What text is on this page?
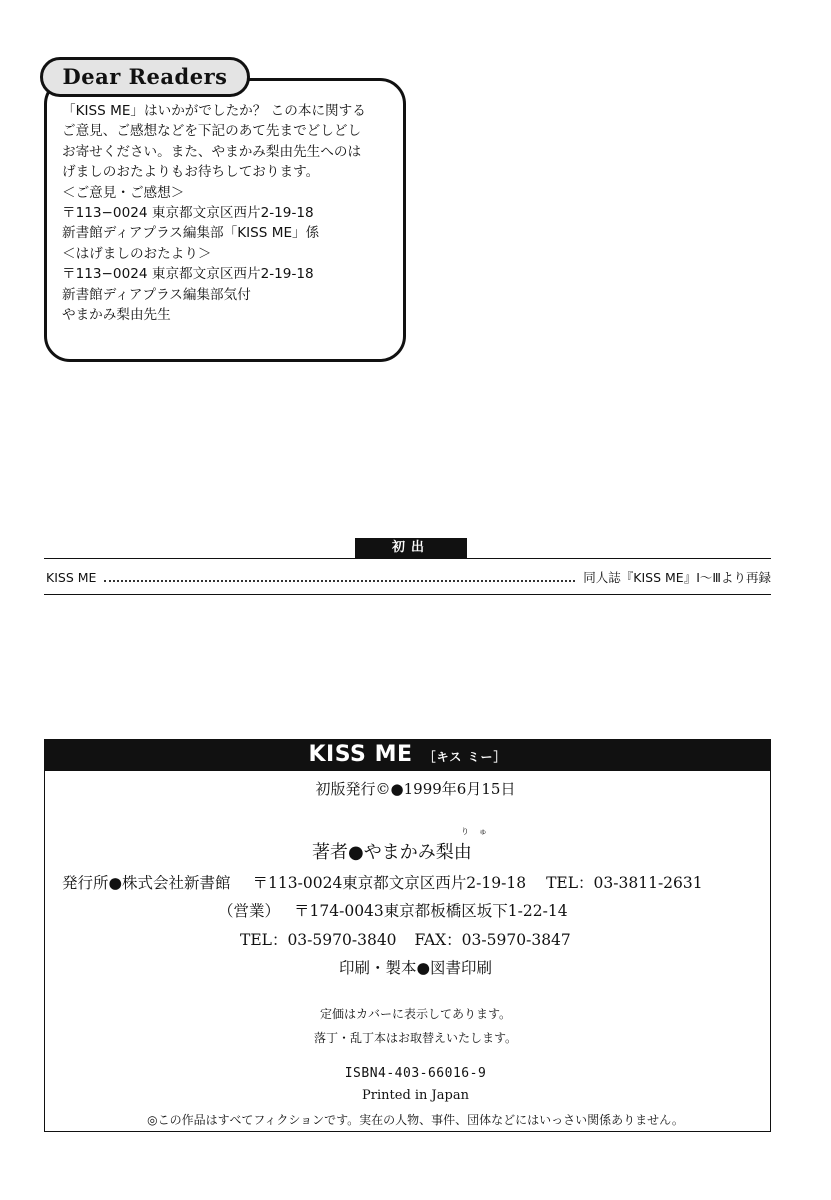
Dear Readers
「KISS ME」はいかがでしたか？ この本に関する
ご意見、ご感想などを下記のあて先までどしどし
お寄せください。また、やまかみ梨由先生へのは
げましのおたよりもお待ちしております。
＜ご意見・ご感想＞
〒113−0024 東京都文京区西片2-19-18
新書館ディアプラス編集部「KISS ME」係
＜はげましのおたより＞
〒113−0024 東京都文京区西片2-19-18
新書館ディアプラス編集部気付
やまかみ梨由先生
初出
KISS ME	同人誌『KISS ME』Ⅰ〜Ⅲより再録
KISS ME ［キス ミー］
初版発行©●1999年6月15日
りゅ
著者●やまかみ梨由
発行所●株式会社新書館 〒113-0024東京都文京区西片2-19-18 TEL：03-3811-2631
（営業） 〒174-0043東京都板橋区坂下1-22-14
TEL：03-5970-3840 FAX：03-5970-3847
印刷・製本●図書印刷
定価はカバーに表示してあります。
落丁・乱丁本はお取替えいたします。
ISBN4-403-66016-9
Printed in Japan
◎この作品はすべてフィクションです。実在の人物、事件、団体などにはいっさい関係ありません。
